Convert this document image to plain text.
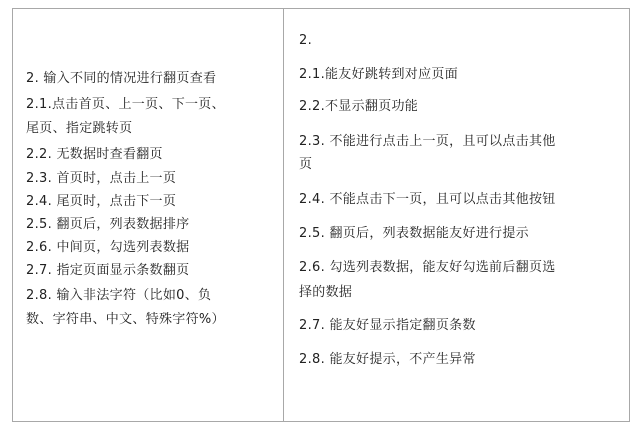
2. 输入不同的情况进行翻页查看
2.1.点击首页、上一页、下一页、
尾页、指定跳转页
2.2. 无数据时查看翻页
2.3. 首页时，点击上一页
2.4. 尾页时，点击下一页
2.5. 翻页后，列表数据排序
2.6. 中间页，勾选列表数据
2.7. 指定页面显示条数翻页
2.8. 输入非法字符（比如0、负
数、字符串、中文、特殊字符%）
2.
2.1.能友好跳转到对应页面
2.2.不显示翻页功能
2.3. 不能进行点击上一页，且可以点击其他
页
2.4. 不能点击下一页，且可以点击其他按钮
2.5. 翻页后，列表数据能友好进行提示
2.6. 勾选列表数据，能友好勾选前后翻页选
择的数据
2.7. 能友好显示指定翻页条数
2.8. 能友好提示，不产生异常
